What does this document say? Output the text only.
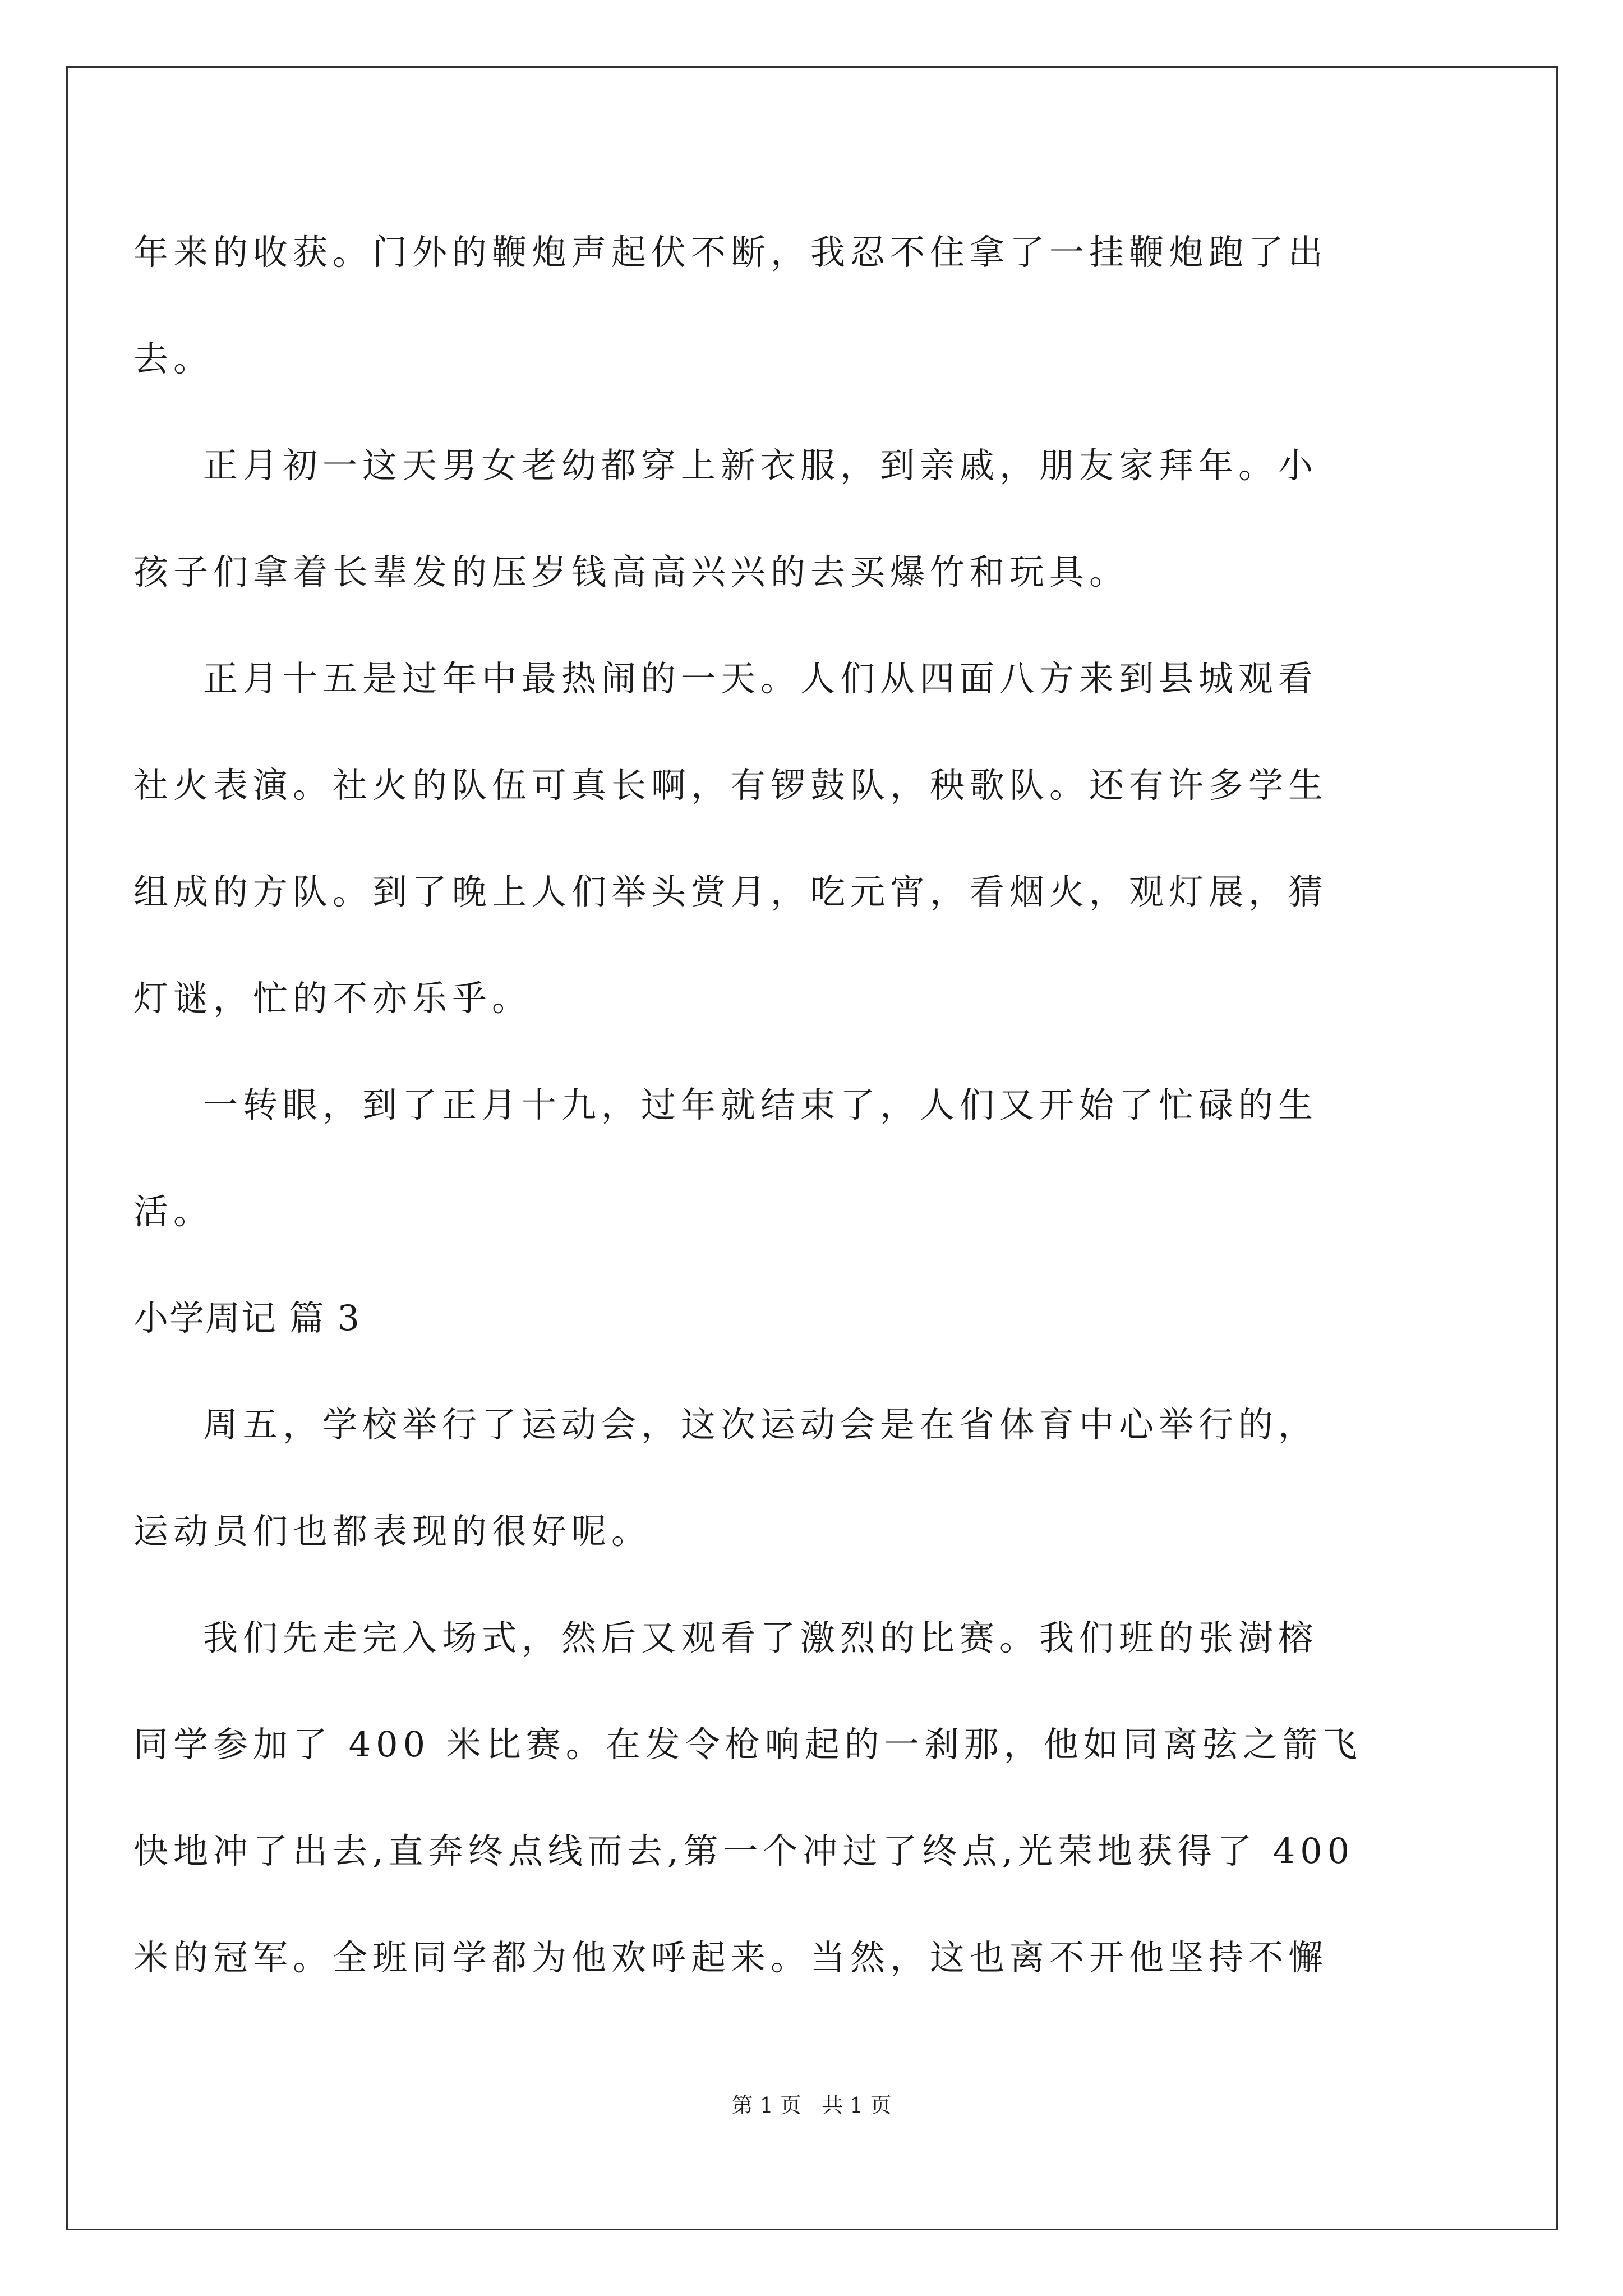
年来的收获。门外的鞭炮声起伏不断，我忍不住拿了一挂鞭炮跑了出
去。
正月初一这天男女老幼都穿上新衣服，到亲戚，朋友家拜年。小
孩子们拿着长辈发的压岁钱高高兴兴的去买爆竹和玩具。
正月十五是过年中最热闹的一天。人们从四面八方来到县城观看
社火表演。社火的队伍可真长啊，有锣鼓队，秧歌队。还有许多学生
组成的方队。到了晚上人们举头赏月，吃元宵，看烟火，观灯展，猜
灯谜，忙的不亦乐乎。
一转眼，到了正月十九，过年就结束了，人们又开始了忙碌的生
活。
小学周记 篇 3
周五，学校举行了运动会，这次运动会是在省体育中心举行的，
运动员们也都表现的很好呢。
我们先走完入场式，然后又观看了激烈的比赛。我们班的张澍榕
同学参加了 400 米比赛。在发令枪响起的一刹那，他如同离弦之箭飞
快地冲了出去,直奔终点线而去,第一个冲过了终点,光荣地获得了 400
米的冠军。全班同学都为他欢呼起来。当然，这也离不开他坚持不懈
第 1 页   共 1 页
